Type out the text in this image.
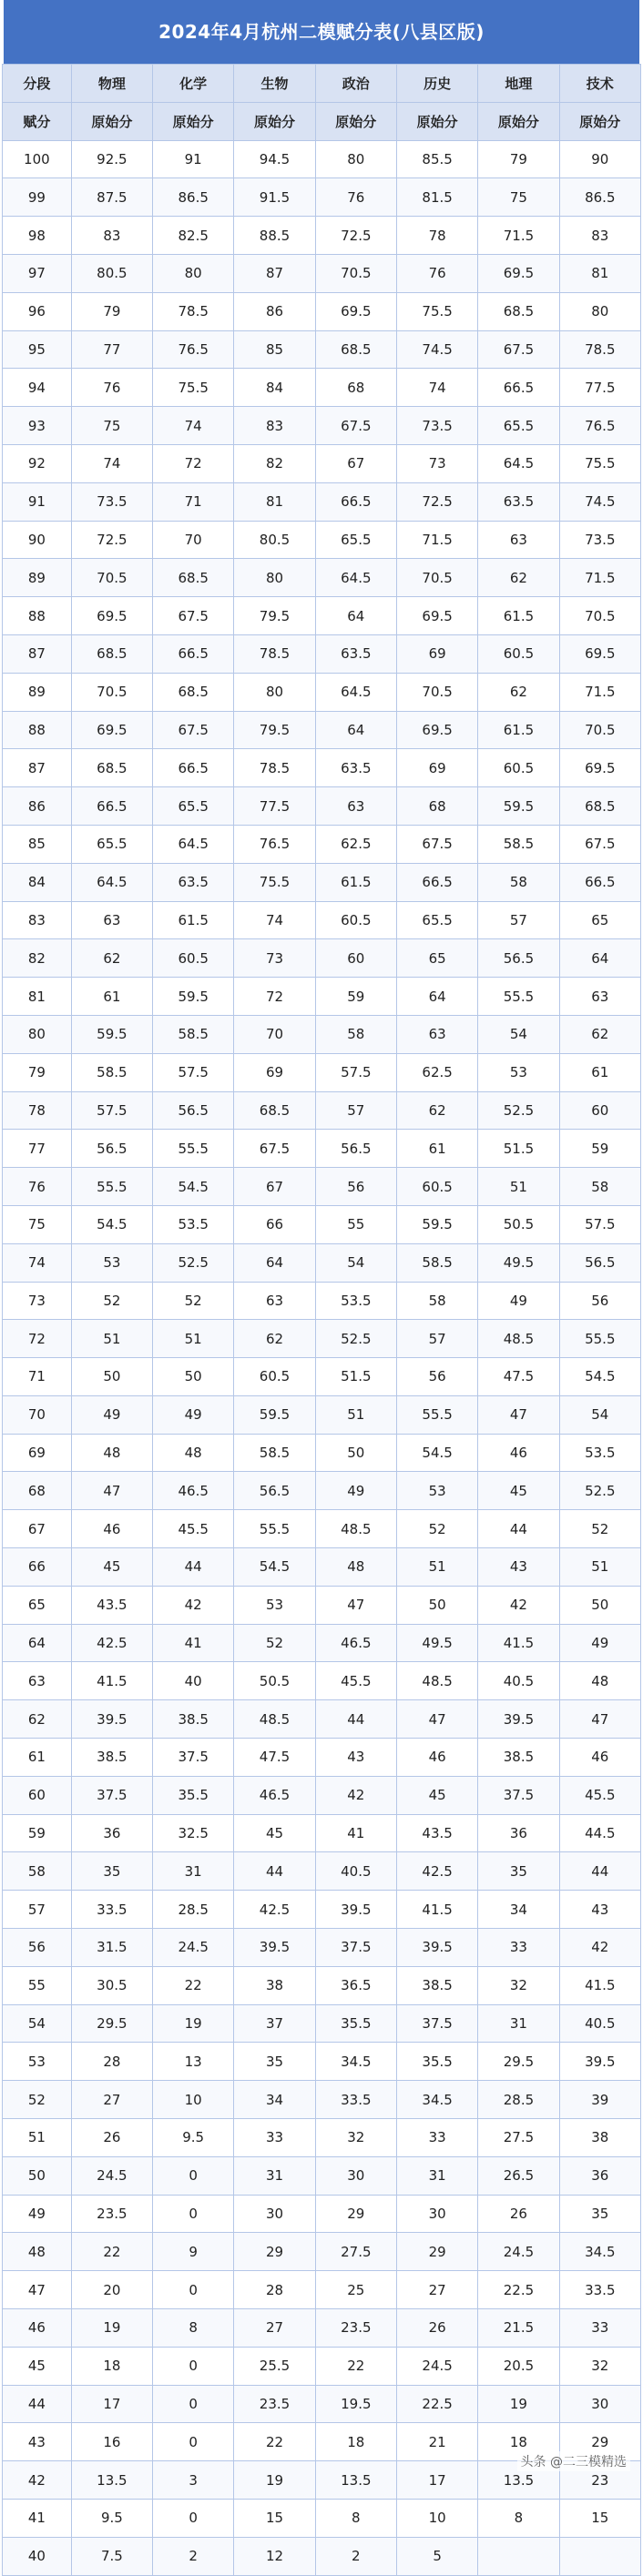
2024年4月杭州二模赋分表(八县区版)
分段	物理	化学	生物	政治	历史	地理	技术
赋分	原始分	原始分	原始分	原始分	原始分	原始分	原始分
100	92.5	91	94.5	80	85.5	79	90
99	87.5	86.5	91.5	76	81.5	75	86.5
98	83	82.5	88.5	72.5	78	71.5	83
97	80.5	80	87	70.5	76	69.5	81
96	79	78.5	86	69.5	75.5	68.5	80
95	77	76.5	85	68.5	74.5	67.5	78.5
94	76	75.5	84	68	74	66.5	77.5
93	75	74	83	67.5	73.5	65.5	76.5
92	74	72	82	67	73	64.5	75.5
91	73.5	71	81	66.5	72.5	63.5	74.5
90	72.5	70	80.5	65.5	71.5	63	73.5
89	70.5	68.5	80	64.5	70.5	62	71.5
88	69.5	67.5	79.5	64	69.5	61.5	70.5
87	68.5	66.5	78.5	63.5	69	60.5	69.5
89	70.5	68.5	80	64.5	70.5	62	71.5
88	69.5	67.5	79.5	64	69.5	61.5	70.5
87	68.5	66.5	78.5	63.5	69	60.5	69.5
86	66.5	65.5	77.5	63	68	59.5	68.5
85	65.5	64.5	76.5	62.5	67.5	58.5	67.5
84	64.5	63.5	75.5	61.5	66.5	58	66.5
83	63	61.5	74	60.5	65.5	57	65
82	62	60.5	73	60	65	56.5	64
81	61	59.5	72	59	64	55.5	63
80	59.5	58.5	70	58	63	54	62
79	58.5	57.5	69	57.5	62.5	53	61
78	57.5	56.5	68.5	57	62	52.5	60
77	56.5	55.5	67.5	56.5	61	51.5	59
76	55.5	54.5	67	56	60.5	51	58
75	54.5	53.5	66	55	59.5	50.5	57.5
74	53	52.5	64	54	58.5	49.5	56.5
73	52	52	63	53.5	58	49	56
72	51	51	62	52.5	57	48.5	55.5
71	50	50	60.5	51.5	56	47.5	54.5
70	49	49	59.5	51	55.5	47	54
69	48	48	58.5	50	54.5	46	53.5
68	47	46.5	56.5	49	53	45	52.5
67	46	45.5	55.5	48.5	52	44	52
66	45	44	54.5	48	51	43	51
65	43.5	42	53	47	50	42	50
64	42.5	41	52	46.5	49.5	41.5	49
63	41.5	40	50.5	45.5	48.5	40.5	48
62	39.5	38.5	48.5	44	47	39.5	47
61	38.5	37.5	47.5	43	46	38.5	46
60	37.5	35.5	46.5	42	45	37.5	45.5
59	36	32.5	45	41	43.5	36	44.5
58	35	31	44	40.5	42.5	35	44
57	33.5	28.5	42.5	39.5	41.5	34	43
56	31.5	24.5	39.5	37.5	39.5	33	42
55	30.5	22	38	36.5	38.5	32	41.5
54	29.5	19	37	35.5	37.5	31	40.5
53	28	13	35	34.5	35.5	29.5	39.5
52	27	10	34	33.5	34.5	28.5	39
51	26	9.5	33	32	33	27.5	38
50	24.5	0	31	30	31	26.5	36
49	23.5	0	30	29	30	26	35
48	22	9	29	27.5	29	24.5	34.5
47	20	0	28	25	27	22.5	33.5
46	19	8	27	23.5	26	21.5	33
45	18	0	25.5	22	24.5	20.5	32
44	17	0	23.5	19.5	22.5	19	30
43	16	0	22	18	21	18	29
42	13.5	3	19	13.5	17	13.5	23
41	9.5	0	15	8	10	8	15
40	7.5	2	12	2	5		
头条 @二三模精选
